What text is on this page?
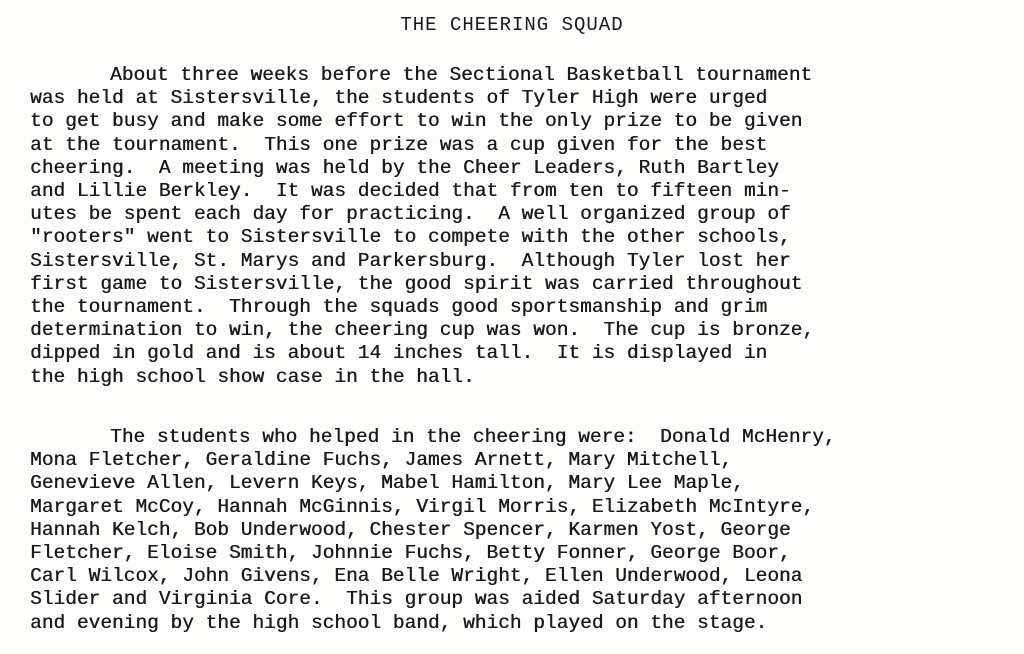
THE CHEERING SQUAD

About three weeks before the Sectional Basketball tournament
was held at Sistersville, the students of Tyler High were urged
to get busy and make some effort to win the only prize to be given
at the tournament.  This one prize was a cup given for the best
cheering.  A meeting was held by the Cheer Leaders, Ruth Bartley
and Lillie Berkley.  It was decided that from ten to fifteen min-
utes be spent each day for practicing.  A well organized group of
"rooters" went to Sistersville to compete with the other schools,
Sistersville, St. Marys and Parkersburg.  Although Tyler lost her
first game to Sistersville, the good spirit was carried throughout
the tournament.  Through the squads good sportsmanship and grim
determination to win, the cheering cup was won.  The cup is bronze,
dipped in gold and is about 14 inches tall.  It is displayed in
the high school show case in the hall.

The students who helped in the cheering were:  Donald McHenry,
Mona Fletcher, Geraldine Fuchs, James Arnett, Mary Mitchell,
Genevieve Allen, Levern Keys, Mabel Hamilton, Mary Lee Maple,
Margaret McCoy, Hannah McGinnis, Virgil Morris, Elizabeth McIntyre,
Hannah Kelch, Bob Underwood, Chester Spencer, Karmen Yost, George
Fletcher, Eloise Smith, Johnnie Fuchs, Betty Fonner, George Boor,
Carl Wilcox, John Givens, Ena Belle Wright, Ellen Underwood, Leona
Slider and Virginia Core.  This group was aided Saturday afternoon
and evening by the high school band, which played on the stage.
